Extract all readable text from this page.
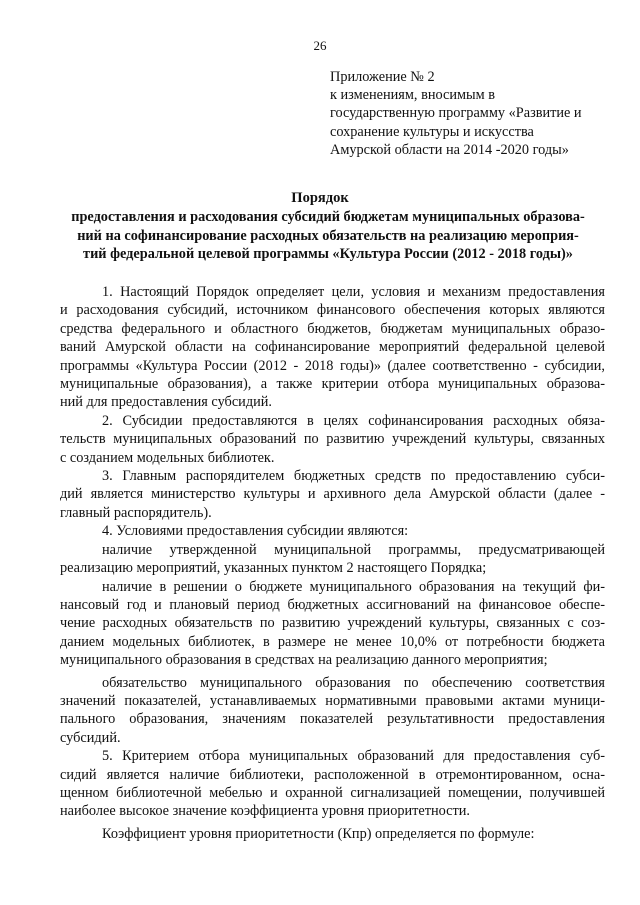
26
Приложение № 2
к изменениям, вносимым в
государственную программу «Развитие и
сохранение культуры и искусства
Амурской области на 2014 -2020 годы»
Порядок
предоставления и расходования субсидий бюджетам муниципальных образова-
ний на софинансирование расходных обязательств на реализацию мероприя-
тий федеральной целевой программы «Культура России (2012 - 2018 годы)»
1. Настоящий Порядок определяет цели, условия и механизм предоставления
и расходования субсидий, источником финансового обеспечения которых являются
средства федерального и областного бюджетов, бюджетам муниципальных образо-
ваний Амурской области на софинансирование мероприятий федеральной целевой
программы «Культура России (2012 - 2018 годы)» (далее соответственно - субсидии,
муниципальные образования), а также критерии отбора муниципальных образова-
ний для предоставления субсидий.
2. Субсидии предоставляются в целях софинансирования расходных обяза-
тельств муниципальных образований по развитию учреждений культуры, связанных
с созданием модельных библиотек.
3. Главным распорядителем бюджетных средств по предоставлению субси-
дий является министерство культуры и архивного дела Амурской области (далее -
главный распорядитель).
4. Условиями предоставления субсидии являются:
наличие утвержденной муниципальной программы, предусматривающей
реализацию мероприятий, указанных пунктом 2 настоящего Порядка;
наличие в решении о бюджете муниципального образования на текущий фи-
нансовый год и плановый период бюджетных ассигнований на финансовое обеспе-
чение расходных обязательств по развитию учреждений культуры, связанных с соз-
данием модельных библиотек, в размере не менее 10,0% от потребности бюджета
муниципального образования в средствах на реализацию данного мероприятия;
обязательство муниципального образования по обеспечению соответствия
значений показателей, устанавливаемых нормативными правовыми актами муници-
пального образования, значениям показателей результативности предоставления
субсидий.
5. Критерием отбора муниципальных образований для предоставления суб-
сидий является наличие библиотеки, расположенной в отремонтированном, осна-
щенном библиотечной мебелью и охранной сигнализацией помещении, получившей
наиболее высокое значение коэффициента уровня приоритетности.
Коэффициент уровня приоритетности (Кпр) определяется по формуле:
